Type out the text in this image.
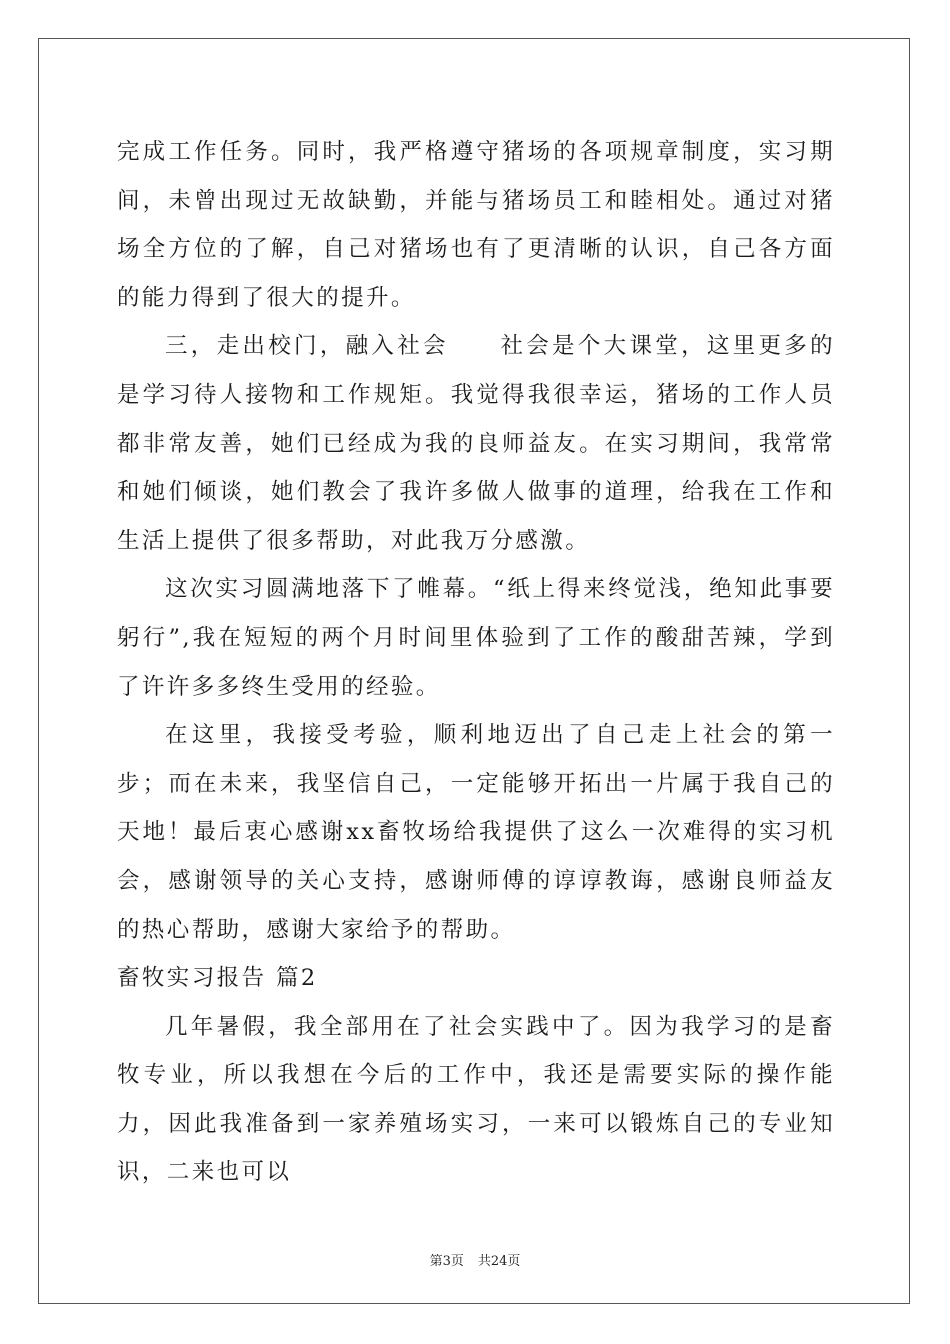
完成工作任务。同时，我严格遵守猪场的各项规章制度，实习期间，未曾出现过无故缺勤，并能与猪场员工和睦相处。通过对猪场全方位的了解，自己对猪场也有了更清晰的认识，自己各方面的能力得到了很大的提升。

三，走出校门，融入社会　　社会是个大课堂，这里更多的是学习待人接物和工作规矩。我觉得我很幸运，猪场的工作人员都非常友善，她们已经成为我的良师益友。在实习期间，我常常和她们倾谈，她们教会了我许多做人做事的道理，给我在工作和生活上提供了很多帮助，对此我万分感激。

这次实习圆满地落下了帷幕。“纸上得来终觉浅，绝知此事要躬行”,我在短短的两个月时间里体验到了工作的酸甜苦辣，学到了许许多多终生受用的经验。

在这里，我接受考验，顺利地迈出了自己走上社会的第一步；而在未来，我坚信自己，一定能够开拓出一片属于我自己的天地！最后衷心感谢xx畜牧场给我提供了这么一次难得的实习机会，感谢领导的关心支持，感谢师傅的谆谆教诲，感谢良师益友的热心帮助，感谢大家给予的帮助。

畜牧实习报告 篇2

几年暑假，我全部用在了社会实践中了。因为我学习的是畜牧专业，所以我想在今后的工作中，我还是需要实际的操作能力，因此我准备到一家养殖场实习，一来可以锻炼自己的专业知识，二来也可以

第3页 共24页
